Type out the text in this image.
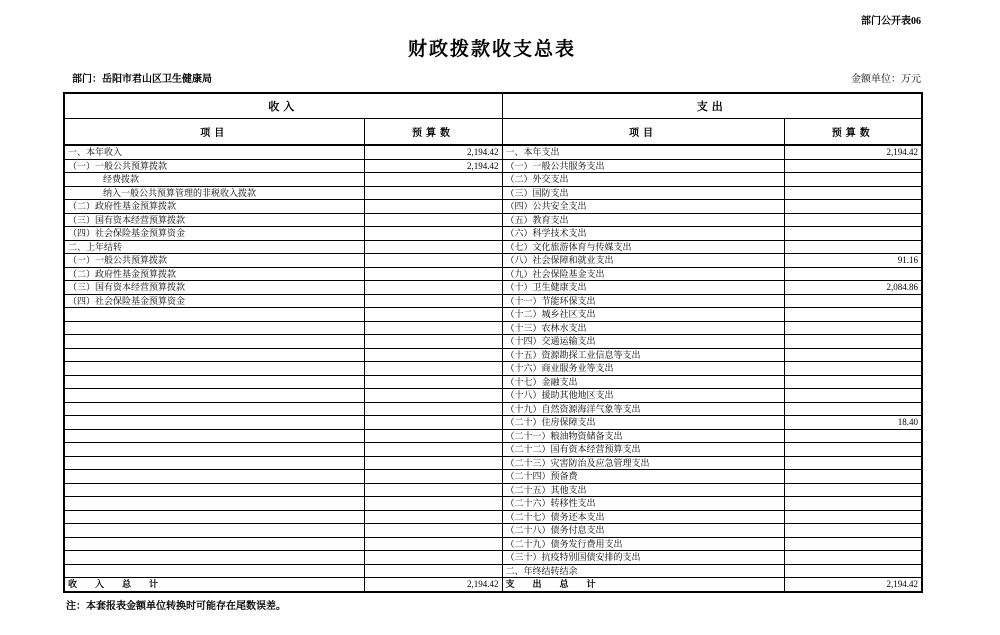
部门公开表06
财政拨款收支总表
部门：岳阳市君山区卫生健康局	金额单位：万元
收入		支出	
项目	预算数	项目	预算数
一、本年收入	2,194.42	一、本年支出	2,194.42
（一）一般公共预算拨款	2,194.42	（一）一般公共服务支出	
经费拨款		（二）外交支出	
纳入一般公共预算管理的非税收入拨款		（三）国防支出	
（二）政府性基金预算拨款		（四）公共安全支出	
（三）国有资本经营预算拨款		（五）教育支出	
（四）社会保险基金预算资金		（六）科学技术支出	
二、上年结转		（七）文化旅游体育与传媒支出	
（一）一般公共预算拨款		（八）社会保障和就业支出	91.16
（二）政府性基金预算拨款		（九）社会保险基金支出	
（三）国有资本经营预算拨款		（十）卫生健康支出	2,084.86
（四）社会保险基金预算资金		（十一）节能环保支出	
		（十二）城乡社区支出	
		（十三）农林水支出	
		（十四）交通运输支出	
		（十五）资源勘探工业信息等支出	
		（十六）商业服务业等支出	
		（十七）金融支出	
		（十八）援助其他地区支出	
		（十九）自然资源海洋气象等支出	
		（二十）住房保障支出	18.40
		（二十一）粮油物资储备支出	
		（二十二）国有资本经营预算支出	
		（二十三）灾害防治及应急管理支出	
		（二十四）预备费	
		（二十五）其他支出	
		（二十六）转移性支出	
		（二十七）债务还本支出	
		（二十八）债务付息支出	
		（二十九）债务发行费用支出	
		（三十）抗疫特别国债安排的支出	
		二、年终结转结余	
收　　入　　总　　计	2,194.42	支　　出　　总　　计	2,194.42
注：本套报表金额单位转换时可能存在尾数误差。
